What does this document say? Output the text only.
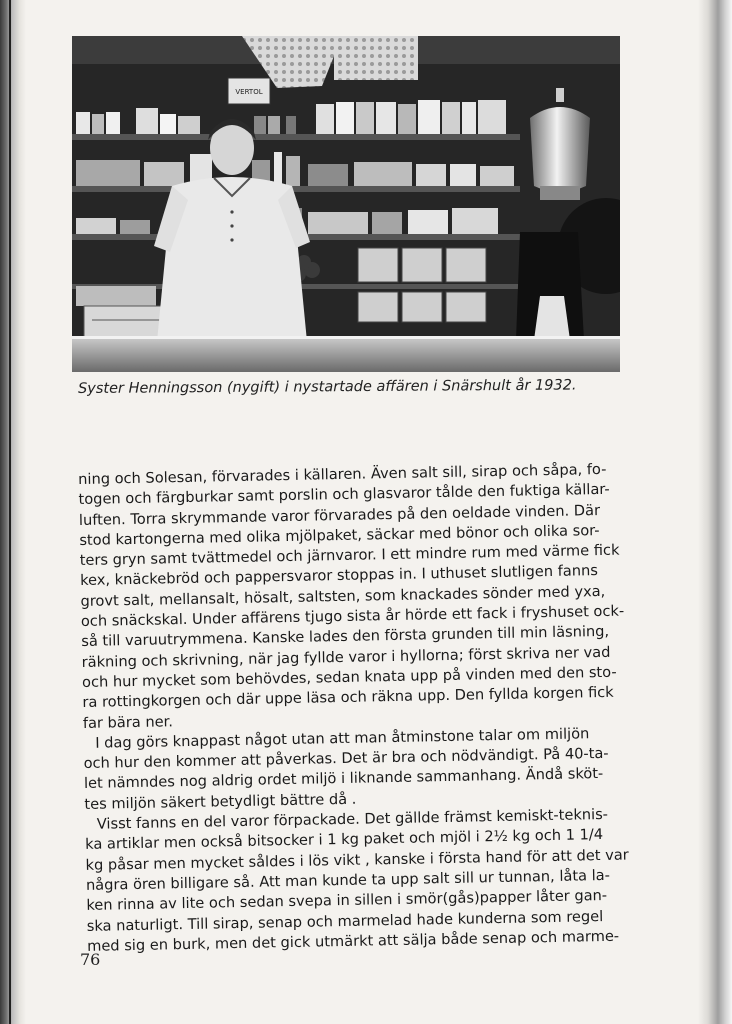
VERTOL
Syster Henningsson (nygift) i nystartade affären i Snärshult år 1932.
ning och Solesan, förvarades i källaren. Även salt sill, sirap och såpa, fo-
togen och färgburkar samt porslin och glasvaror tålde den fuktiga källar-
luften. Torra skrymmande varor förvarades på den oeldade vinden. Där
stod kartongerna med olika mjölpaket, säckar med bönor och olika sor-
ters gryn samt tvättmedel och järnvaror. I ett mindre rum med värme fick
kex, knäckebröd och pappersvaror stoppas in. I uthuset slutligen fanns
grovt salt, mellansalt, hösalt, saltsten, som knackades sönder med yxa,
och snäckskal. Under affärens tjugo sista år hörde ett fack i fryshuset ock-
så till varuutrymmena. Kanske lades den första grunden till min läsning,
räkning och skrivning, när jag fyllde varor i hyllorna; först skriva ner vad
och hur mycket som behövdes, sedan knata upp på vinden med den sto-
ra rottingkorgen och där uppe läsa och räkna upp. Den fyllda korgen fick
far bära ner.
I dag görs knappast något utan att man åtminstone talar om miljön
och hur den kommer att påverkas. Det är bra och nödvändigt. På 40-ta-
let nämndes nog aldrig ordet miljö i liknande sammanhang. Ändå sköt-
tes miljön säkert betydligt bättre då .
Visst fanns en del varor förpackade. Det gällde främst kemiskt-teknis-
ka artiklar men också bitsocker i 1 kg paket och mjöl i 2½ kg och 1 1/4
kg påsar men mycket såldes i lös vikt , kanske i första hand för att det var
några ören billigare så. Att man kunde ta upp salt sill ur tunnan, låta la-
ken rinna av lite och sedan svepa in sillen i smör(gås)papper låter gan-
ska naturligt. Till sirap, senap och marmelad hade kunderna som regel
med sig en burk, men det gick utmärkt att sälja både senap och marme-
76
